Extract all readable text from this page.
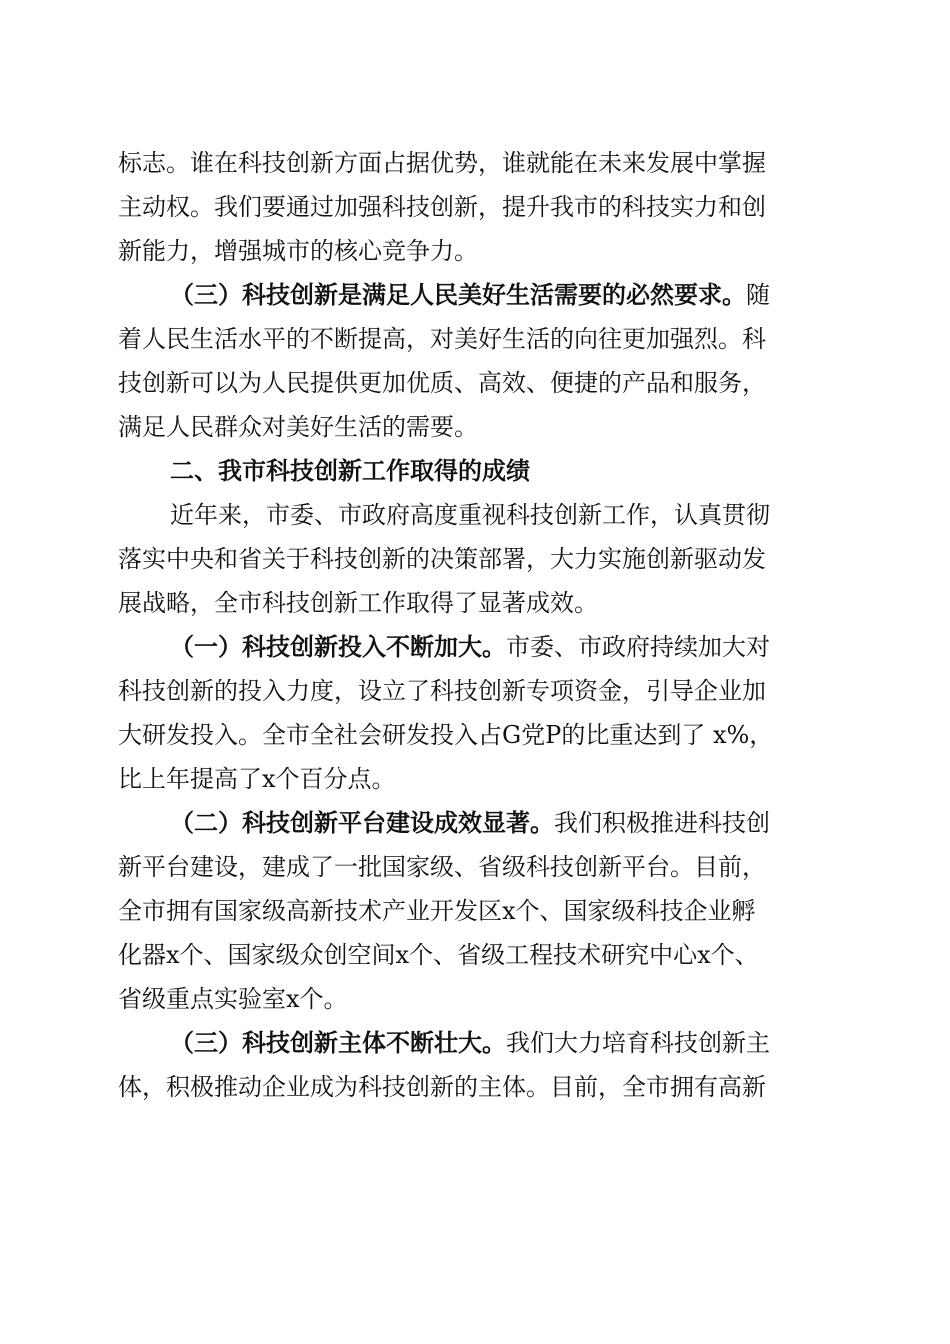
标志。谁在科技创新方面占据优势，谁就能在未来发展中掌握
主动权。我们要通过加强科技创新，提升我市的科技实力和创
新能力，增强城市的核心竞争力。

（三）科技创新是满足人民美好生活需要的必然要求。随
着人民生活水平的不断提高，对美好生活的向往更加强烈。科
技创新可以为人民提供更加优质、高效、便捷的产品和服务，
满足人民群众对美好生活的需要。

二、我市科技创新工作取得的成绩

近年来，市委、市政府高度重视科技创新工作，认真贯彻
落实中央和省关于科技创新的决策部署，大力实施创新驱动发
展战略，全市科技创新工作取得了显著成效。

（一）科技创新投入不断加大。市委、市政府持续加大对
科技创新的投入力度，设立了科技创新专项资金，引导企业加
大研发投入。全市全社会研发投入占G党P的比重达到了 x%，
比上年提高了x个百分点。

（二）科技创新平台建设成效显著。我们积极推进科技创
新平台建设，建成了一批国家级、省级科技创新平台。目前，
全市拥有国家级高新技术产业开发区x个、国家级科技企业孵
化器x个、国家级众创空间x个、省级工程技术研究中心x个、
省级重点实验室x个。

（三）科技创新主体不断壮大。我们大力培育科技创新主
体，积极推动企业成为科技创新的主体。目前，全市拥有高新
